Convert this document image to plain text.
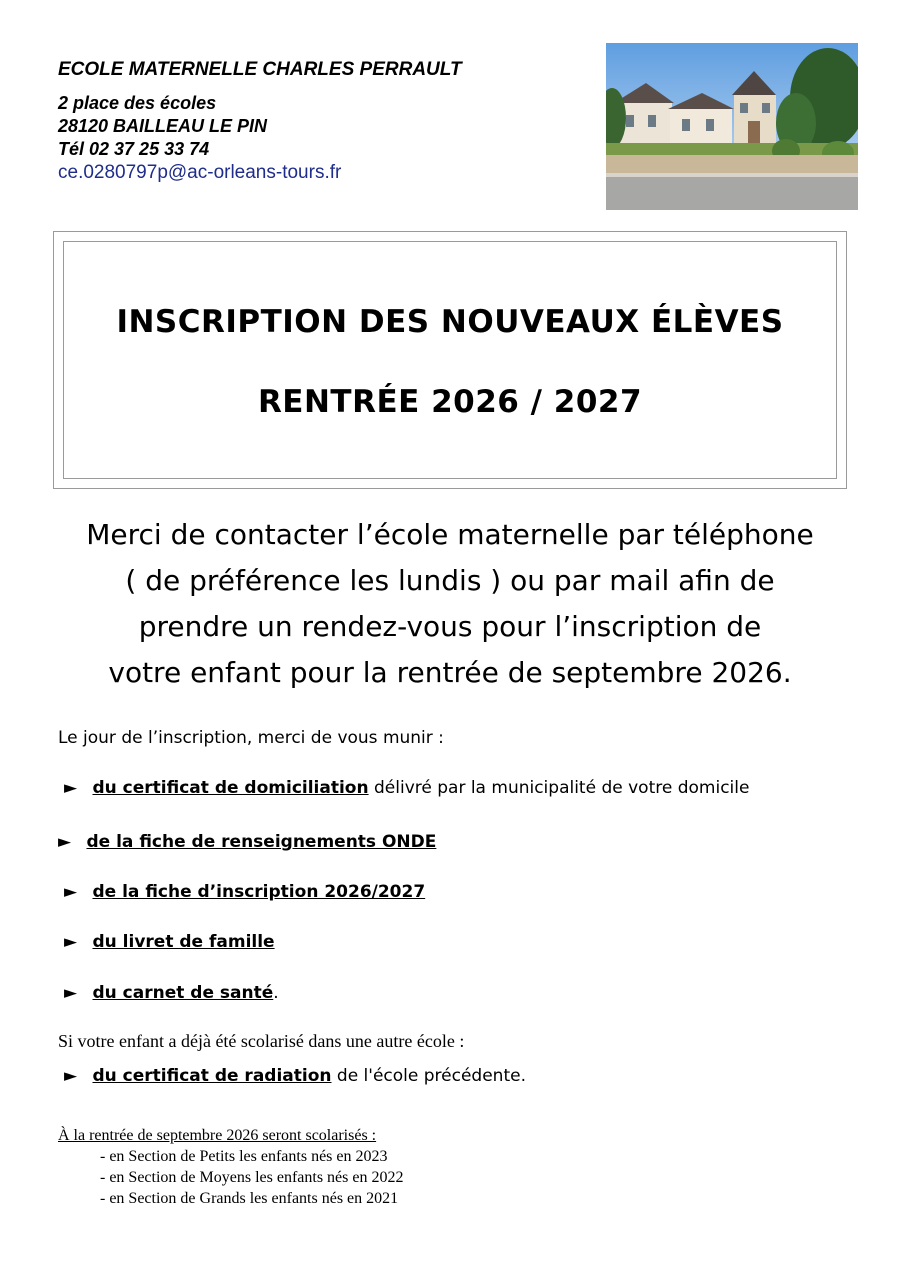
ECOLE MATERNELLE CHARLES PERRAULT

2 place des écoles

28120 BAILLEAU LE PIN

Tél 02 37 25 33 74

ce.0280797p@ac-orleans-tours.fr
INSCRIPTION DES NOUVEAUX ÉLÈVES
RENTRÉE 2026 / 2027
Merci de contacter l’école maternelle par téléphone
( de préférence les lundis ) ou par mail afin de
prendre un rendez-vous pour l’inscription de
votre enfant pour la rentrée de septembre 2026.
Le jour de l’inscription, merci de vous munir :
► du certificat de domiciliation délivré par la municipalité de votre domicile
► de la fiche de renseignements ONDE
► de la fiche d’inscription 2026/2027
► du livret de famille
► du carnet de santé.
Si votre enfant a déjà été scolarisé dans une autre école :
► du certificat de radiation de l'école précédente.
À la rentrée de septembre 2026 seront scolarisés :
- en Section de Petits les enfants nés en 2023
- en Section de Moyens les enfants nés en 2022
- en Section de Grands les enfants nés en 2021
